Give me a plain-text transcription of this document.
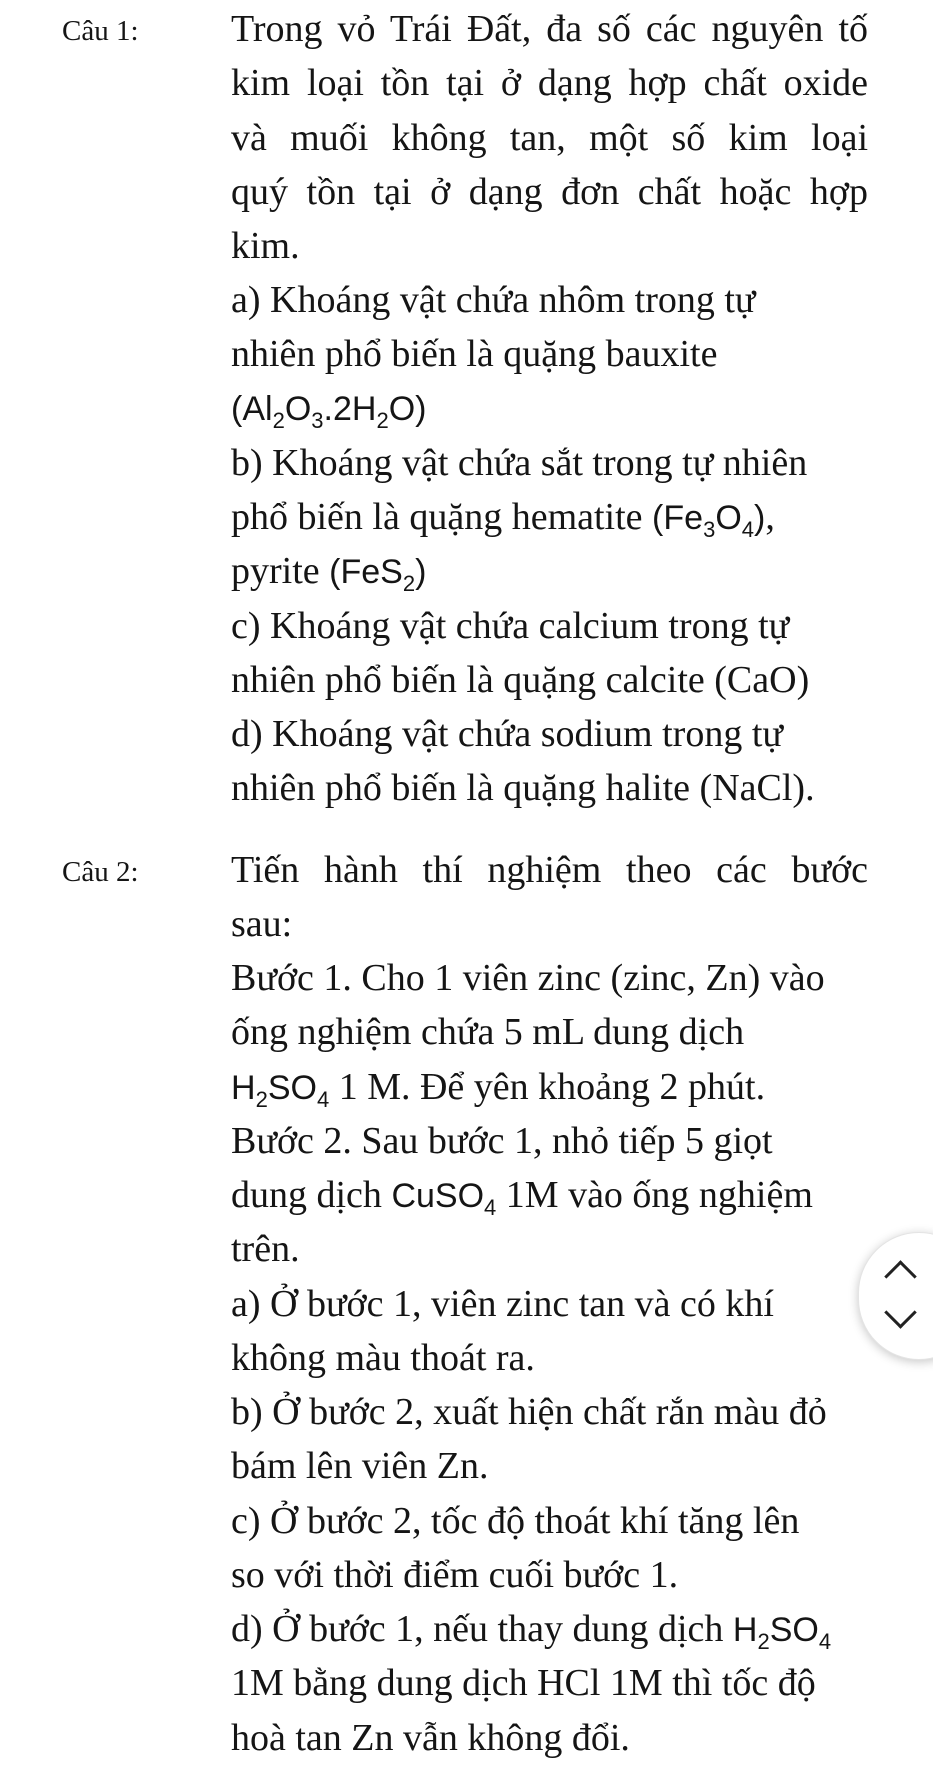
Câu 1: Trong vỏ Trái Đất, đa số các nguyên tố
kim loại tồn tại ở dạng hợp chất oxide
và muối không tan, một số kim loại
quý tồn tại ở dạng đơn chất hoặc hợp
kim.
a) Khoáng vật chứa nhôm trong tự
nhiên phổ biến là quặng bauxite
$(Al_2O_3.2H_2O)$
b) Khoáng vật chứa sắt trong tự nhiên
phổ biến là quặng hematite $(Fe_3O_4)$,
pyrite (FeS$_2$)
c) Khoáng vật chứa calcium trong tự
nhiên phổ biến là quặng calcite (CaO)
d) Khoáng vật chứa sodium trong tự
nhiên phổ biến là quặng halite (NaCl).
Câu 2: Tiến hành thí nghiệm theo các bước
sau:
Bước 1. Cho 1 viên zinc (zinc, Zn) vào
ống nghiệm chứa 5 mL dung dịch
$H_2SO_4$ 1 M. Để yên khoảng 2 phút.
Bước 2. Sau bước 1, nhỏ tiếp 5 giọt
dung dịch CuSO$_4$ 1M vào ống nghiệm
trên.
a) Ở bước 1, viên zinc tan và có khí
không màu thoát ra.
b) Ở bước 2, xuất hiện chất rắn màu đỏ
bám lên viên Zn.
c) Ở bước 2, tốc độ thoát khí tăng lên
so với thời điểm cuối bước 1.
d) Ở bước 1, nếu thay dung dịch $H_2SO_4$
1M bằng dung dịch HCl 1M thì tốc độ
hoà tan Zn vẫn không đổi.
